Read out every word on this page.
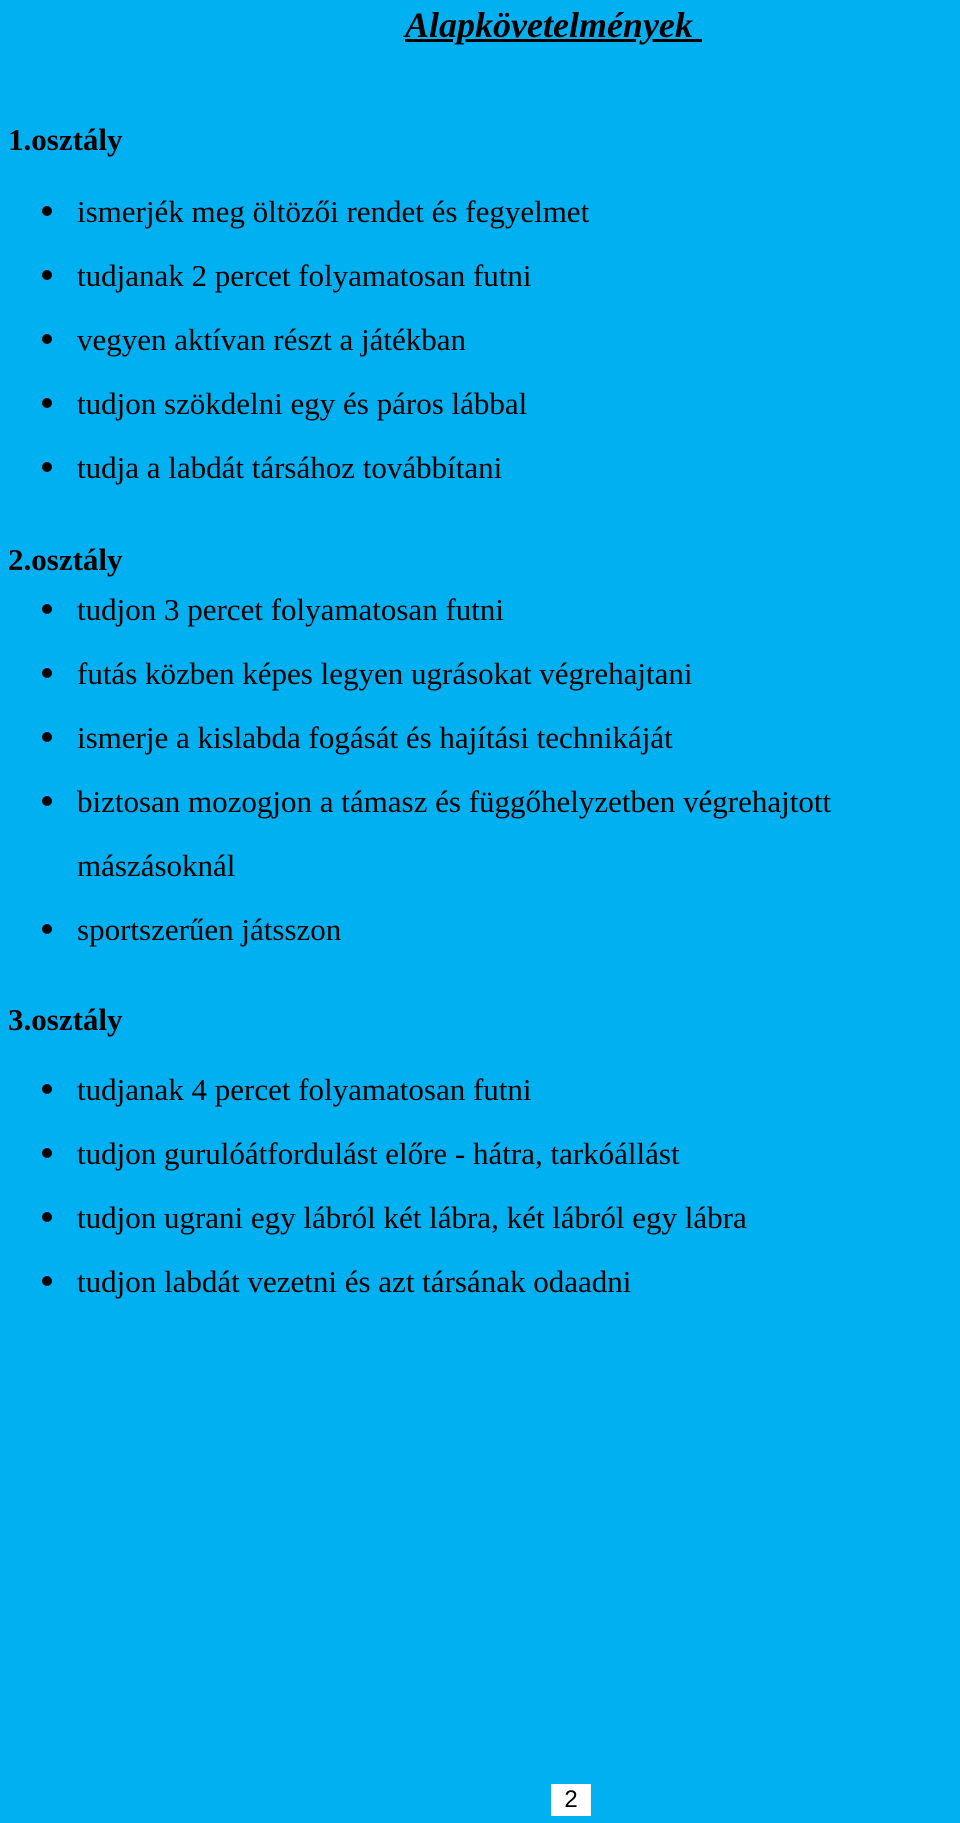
Alapkövetelmények
1.osztály
ismerjék meg öltözői rendet és fegyelmet
tudjanak 2 percet folyamatosan futni
vegyen aktívan részt a játékban
tudjon szökdelni egy és páros lábbal
tudja a labdát társához továbbítani
2.osztály
tudjon 3 percet folyamatosan futni
futás közben képes legyen ugrásokat végrehajtani
ismerje a kislabda fogását és hajítási technikáját
biztosan mozogjon a támasz és függőhelyzetben végrehajtott
mászásoknál
sportszerűen játsszon
3.osztály
tudjanak 4 percet folyamatosan futni
tudjon gurulóátfordulást előre - hátra, tarkóállást
tudjon ugrani egy lábról két lábra, két lábról egy lábra
tudjon labdát vezetni és azt társának odaadni
2
